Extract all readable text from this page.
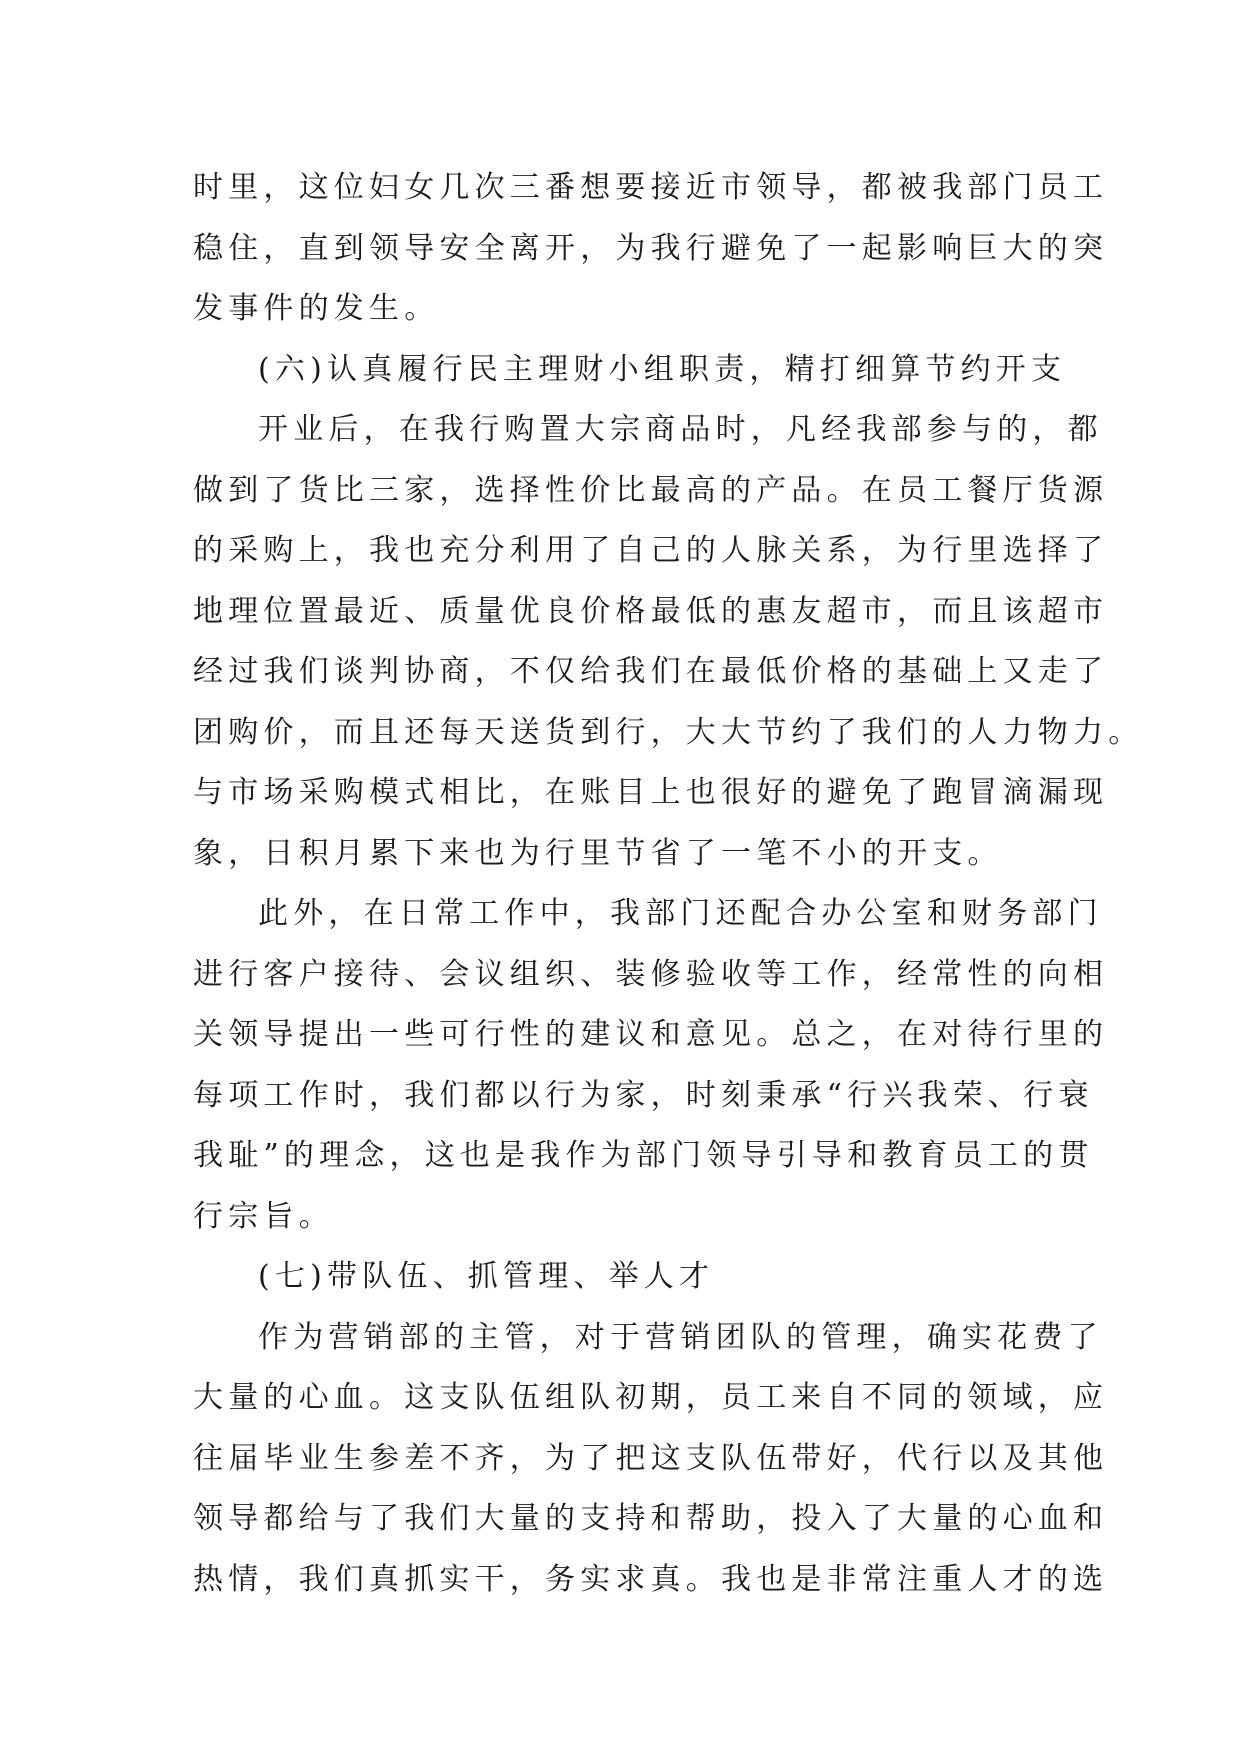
时里，这位妇女几次三番想要接近市领导，都被我部门员工
稳住，直到领导安全离开，为我行避免了一起影响巨大的突
发事件的发生。
(六)认真履行民主理财小组职责，精打细算节约开支
开业后，在我行购置大宗商品时，凡经我部参与的，都
做到了货比三家，选择性价比最高的产品。在员工餐厅货源
的采购上，我也充分利用了自己的人脉关系，为行里选择了
地理位置最近、质量优良价格最低的惠友超市，而且该超市
经过我们谈判协商，不仅给我们在最低价格的基础上又走了
团购价，而且还每天送货到行，大大节约了我们的人力物力。
与市场采购模式相比，在账目上也很好的避免了跑冒滴漏现
象，日积月累下来也为行里节省了一笔不小的开支。
此外，在日常工作中，我部门还配合办公室和财务部门
进行客户接待、会议组织、装修验收等工作，经常性的向相
关领导提出一些可行性的建议和意见。总之，在对待行里的
每项工作时，我们都以行为家，时刻秉承“行兴我荣、行衰
我耻”的理念，这也是我作为部门领导引导和教育员工的贯
行宗旨。
(七)带队伍、抓管理、举人才
作为营销部的主管，对于营销团队的管理，确实花费了
大量的心血。这支队伍组队初期，员工来自不同的领域，应
往届毕业生参差不齐，为了把这支队伍带好，代行以及其他
领导都给与了我们大量的支持和帮助，投入了大量的心血和
热情，我们真抓实干，务实求真。我也是非常注重人才的选
